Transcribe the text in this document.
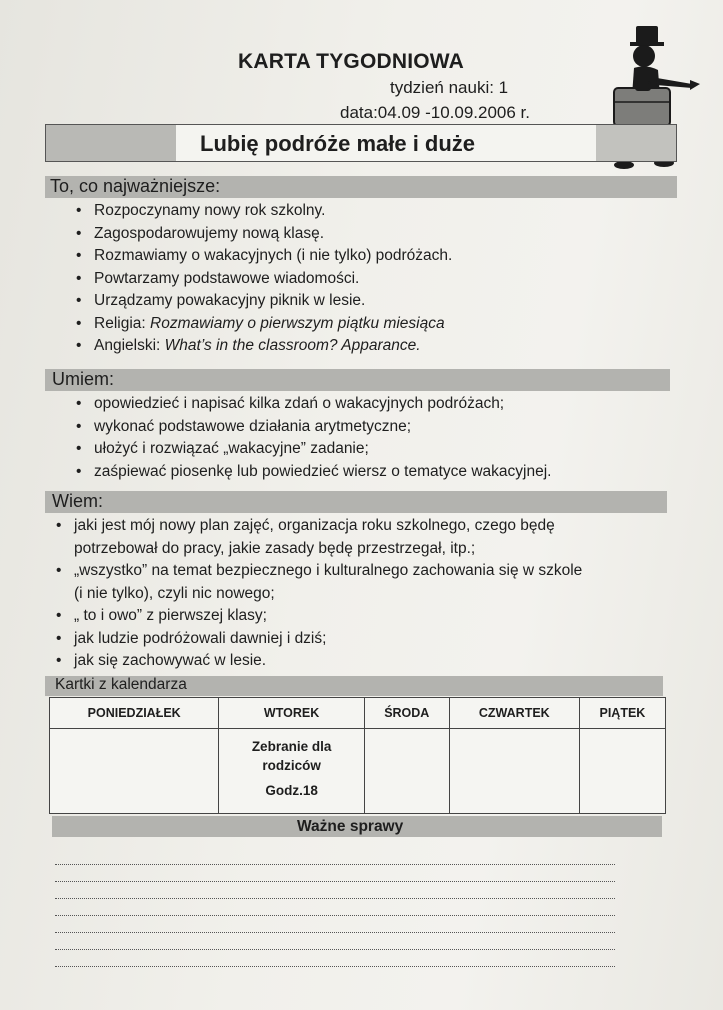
KARTA TYGODNIOWA
tydzień nauki: 1
data:04.09 -10.09.2006 r.
Lubię podróże małe i duże
To, co najważniejsze:
• Rozpoczynamy nowy rok szkolny.
• Zagospodarowujemy nową klasę.
• Rozmawiamy o wakacyjnych (i nie tylko) podróżach.
• Powtarzamy podstawowe wiadomości.
• Urządzamy powakacyjny piknik w lesie.
• Religia: Rozmawiamy o pierwszym piątku miesiąca
• Angielski: What’s in the classroom? Apparance.
Umiem:
• opowiedzieć i napisać kilka zdań o wakacyjnych podróżach;
• wykonać podstawowe działania arytmetyczne;
• ułożyć i rozwiązać „wakacyjne” zadanie;
• zaśpiewać piosenkę lub powiedzieć wiersz o tematyce wakacyjnej.
Wiem:
• jaki jest mój nowy plan zajęć, organizacja roku szkolnego, czego będę
potrzebował do pracy, jakie zasady będę przestrzegał, itp.;
• „wszystko” na temat bezpiecznego i kulturalnego zachowania się w szkole
(i nie tylko), czyli nic nowego;
• „ to i owo” z pierwszej klasy;
• jak ludzie podróżowali dawniej i dziś;
• jak się zachowywać w lesie.
Kartki z kalendarza
PONIEDZIAŁEK	WTOREK	ŚRODA	CZWARTEK	PIĄTEK

	Zebranie dla
rodziców
Godz.18			

Ważne sprawy
